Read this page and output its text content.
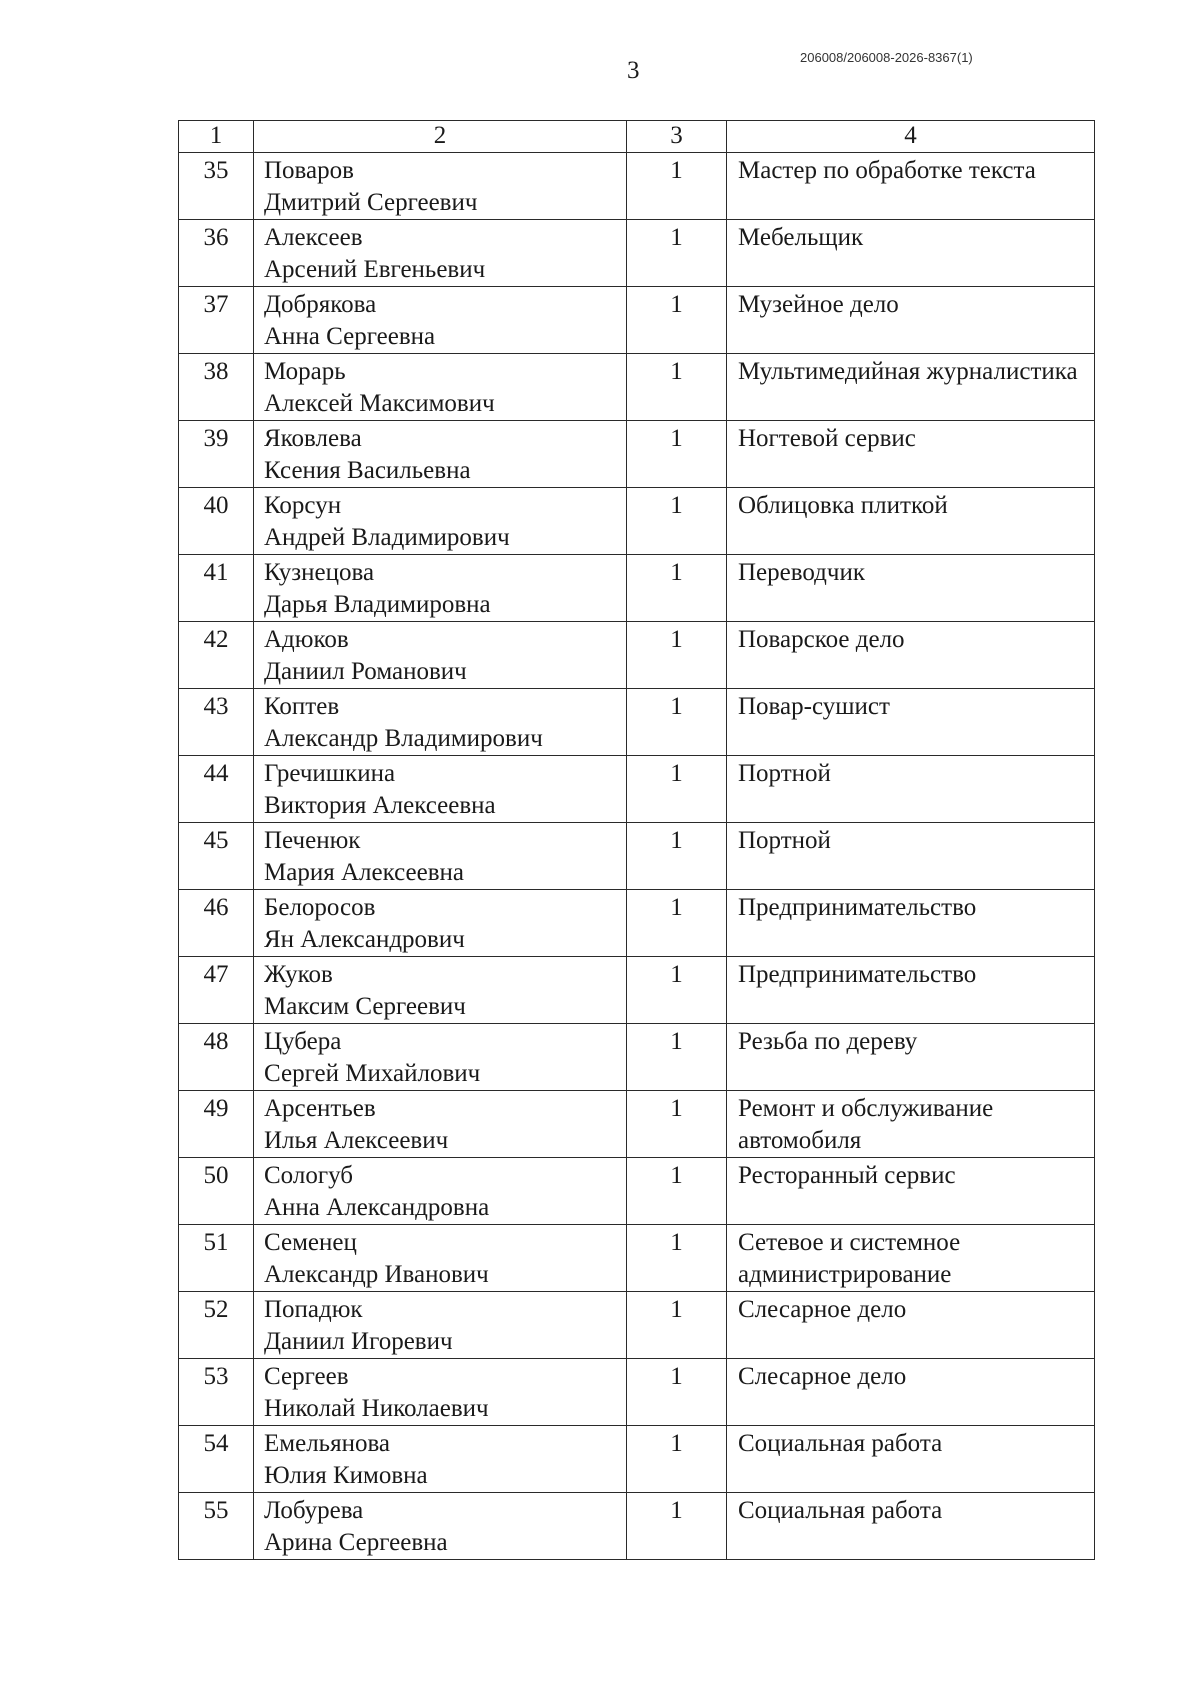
3	206008/206008-2026-8367(1)
1	2	3	4
35	Поваров
Дмитрий Сергеевич	1	Мастер по обработке текста

36	Алексеев
Арсений Евгеньевич	1	Мебельщик

37	Добрякова
Анна Сергеевна	1	Музейное дело

38	Морарь
Алексей Максимович	1	Мультимедийная журналистика

39	Яковлева
Ксения Васильевна	1	Ногтевой сервис

40	Корсун
Андрей Владимирович	1	Облицовка плиткой

41	Кузнецова
Дарья Владимировна	1	Переводчик

42	Адюков
Даниил Романович	1	Поварское дело

43	Коптев
Александр Владимирович	1	Повар-сушист

44	Гречишкина
Виктория Алексеевна	1	Портной

45	Печенюк
Мария Алексеевна	1	Портной

46	Белоросов
Ян Александрович	1	Предпринимательство

47	Жуков
Максим Сергеевич	1	Предпринимательство

48	Цубера
Сергей Михайлович	1	Резьба по дереву

49	Арсентьев
Илья Алексеевич	1	Ремонт и обслуживание автомобиля

50	Сологуб
Анна Александровна	1	Ресторанный сервис

51	Семенец
Александр Иванович	1	Сетевое и системное администрирование

52	Попадюк
Даниил Игоревич	1	Слесарное дело

53	Сергеев
Николай Николаевич	1	Слесарное дело

54	Емельянова
Юлия Кимовна	1	Социальная работа

55	Лобурева
Арина Сергеевна	1	Социальная работа
